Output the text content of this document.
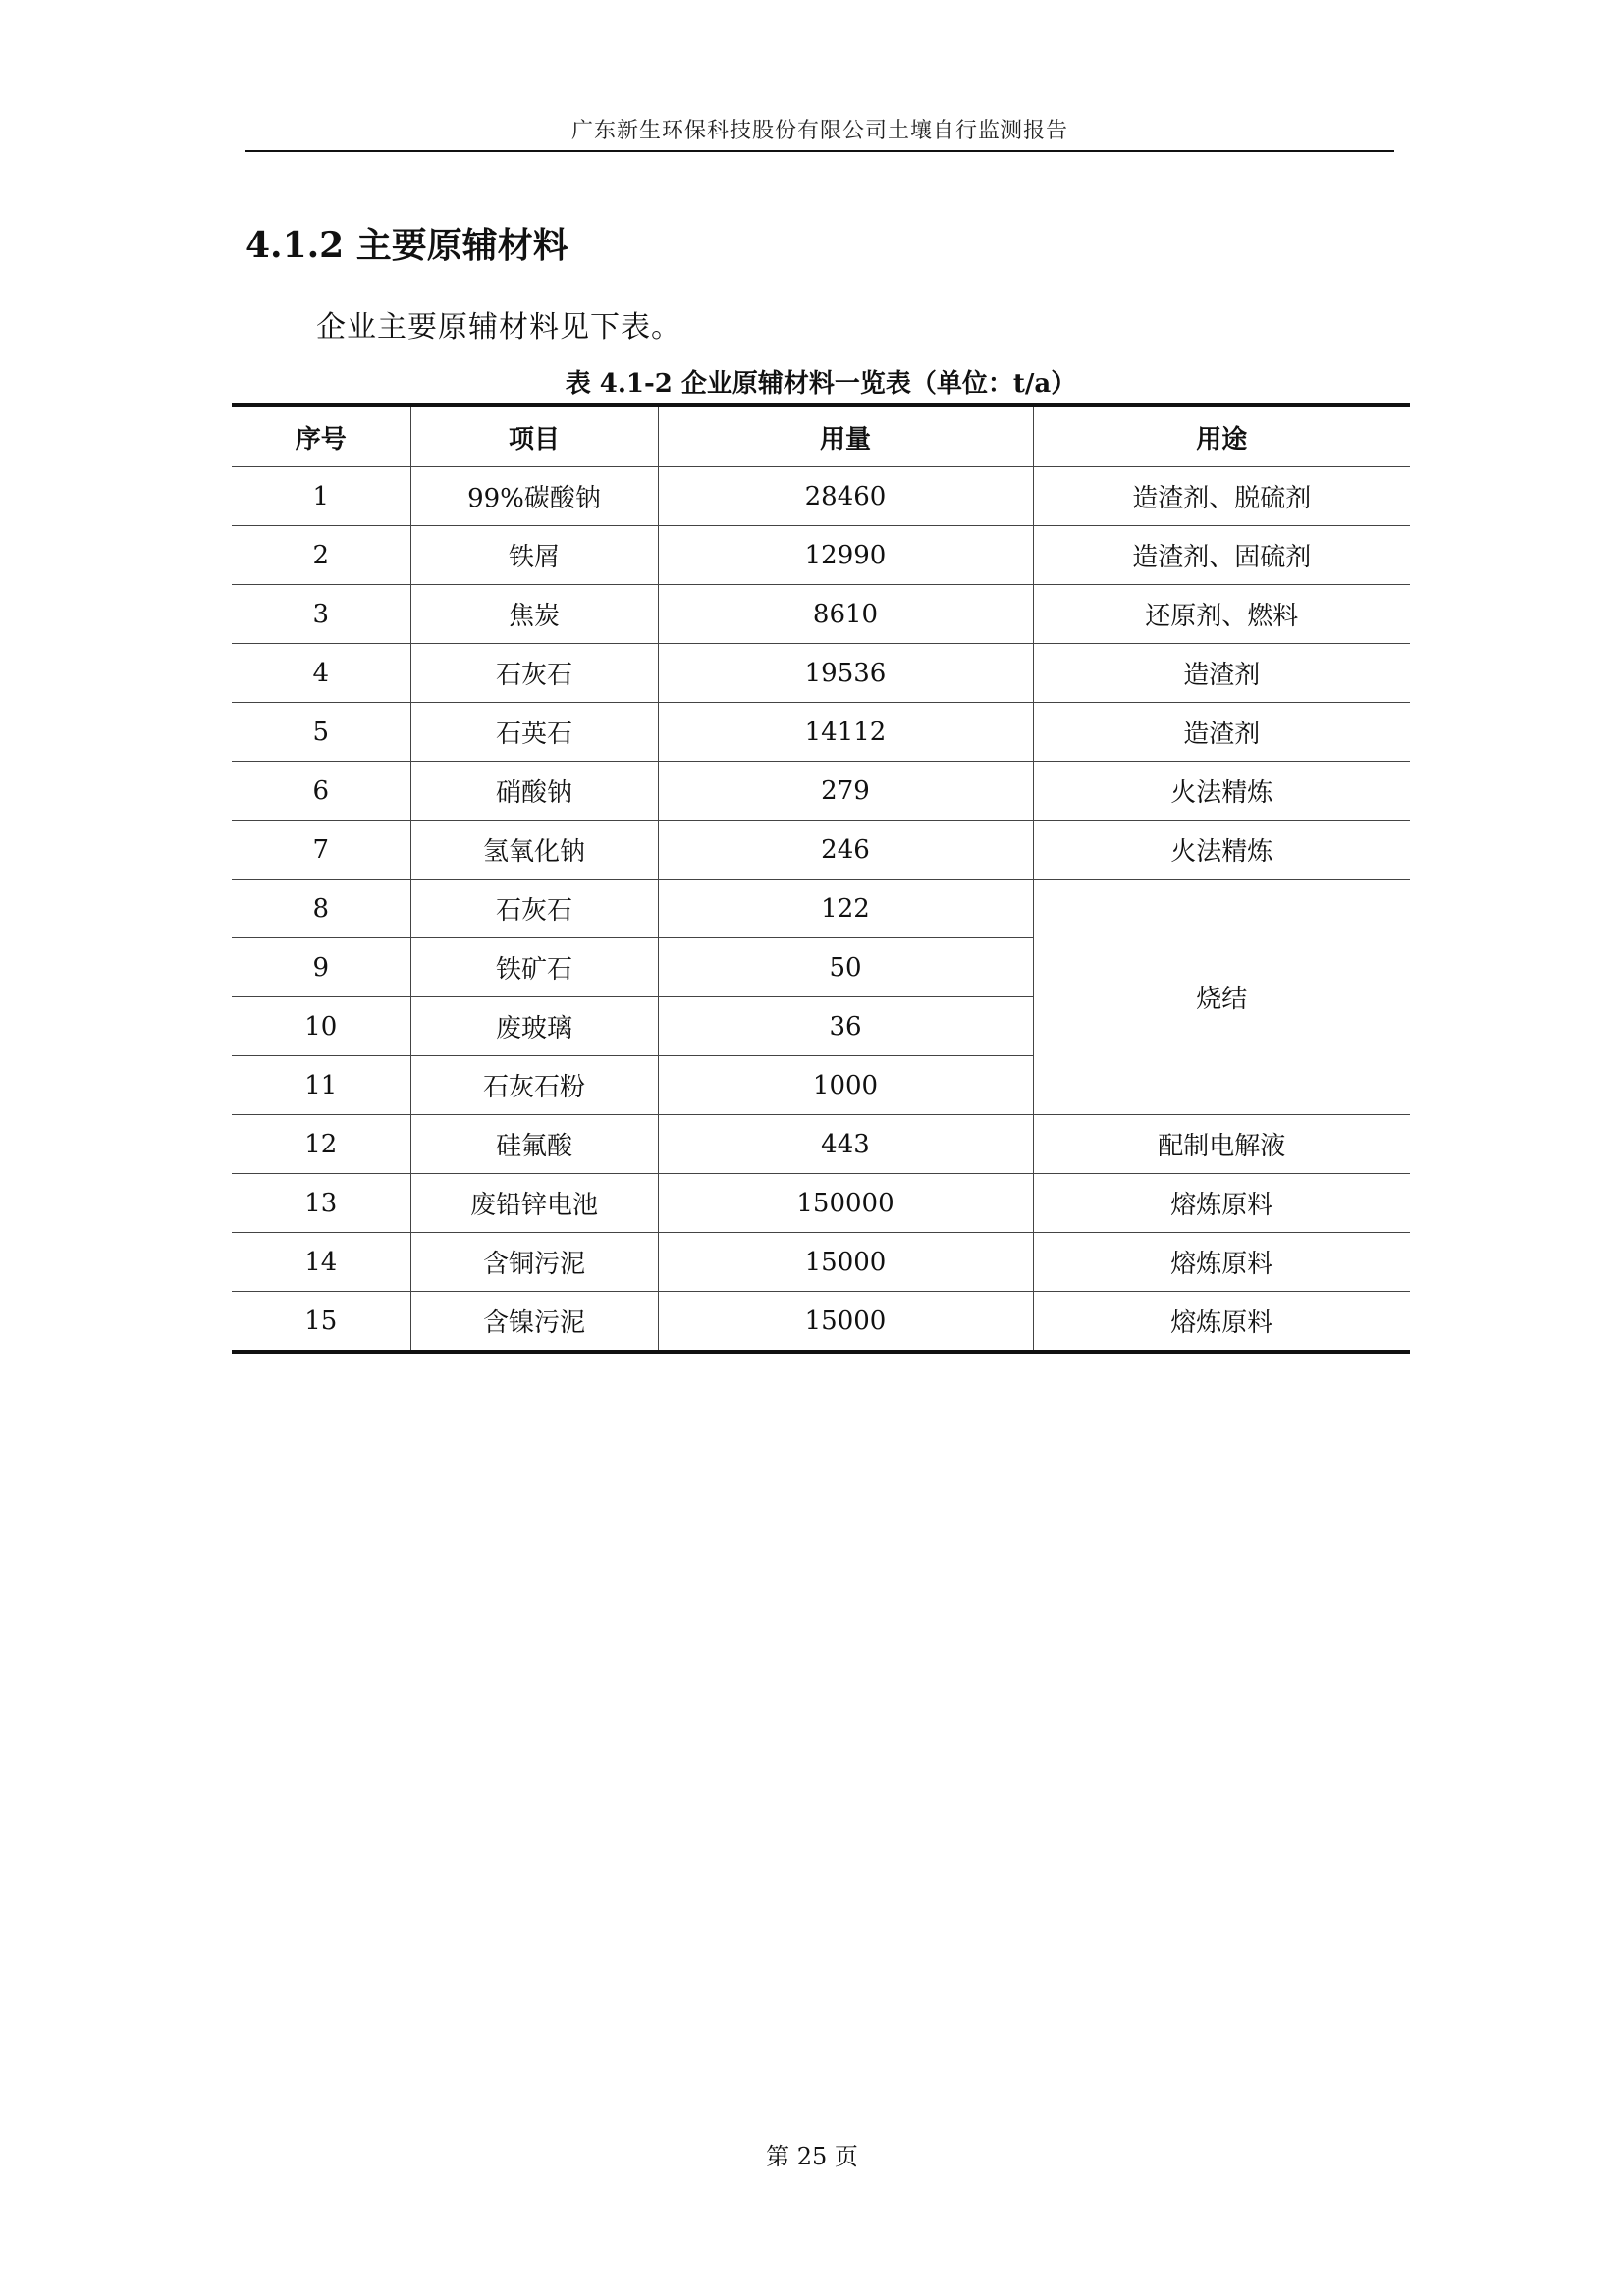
广东新生环保科技股份有限公司土壤自行监测报告
4.1.2 主要原辅材料
企业主要原辅材料见下表。
表 4.1-2 企业原辅材料一览表（单位：t/a）
序号	项目	用量	用途
1	99%碳酸钠	28460	造渣剂、脱硫剂
2	铁屑	12990	造渣剂、固硫剂
3	焦炭	8610	还原剂、燃料
4	石灰石	19536	造渣剂
5	石英石	14112	造渣剂
6	硝酸钠	279	火法精炼
7	氢氧化钠	246	火法精炼
8	石灰石	122	烧结
9	铁矿石	50	
10	废玻璃	36	
11	石灰石粉	1000	
12	硅氟酸	443	配制电解液
13	废铅锌电池	150000	熔炼原料
14	含铜污泥	15000	熔炼原料
15	含镍污泥	15000	熔炼原料
第 25 页
